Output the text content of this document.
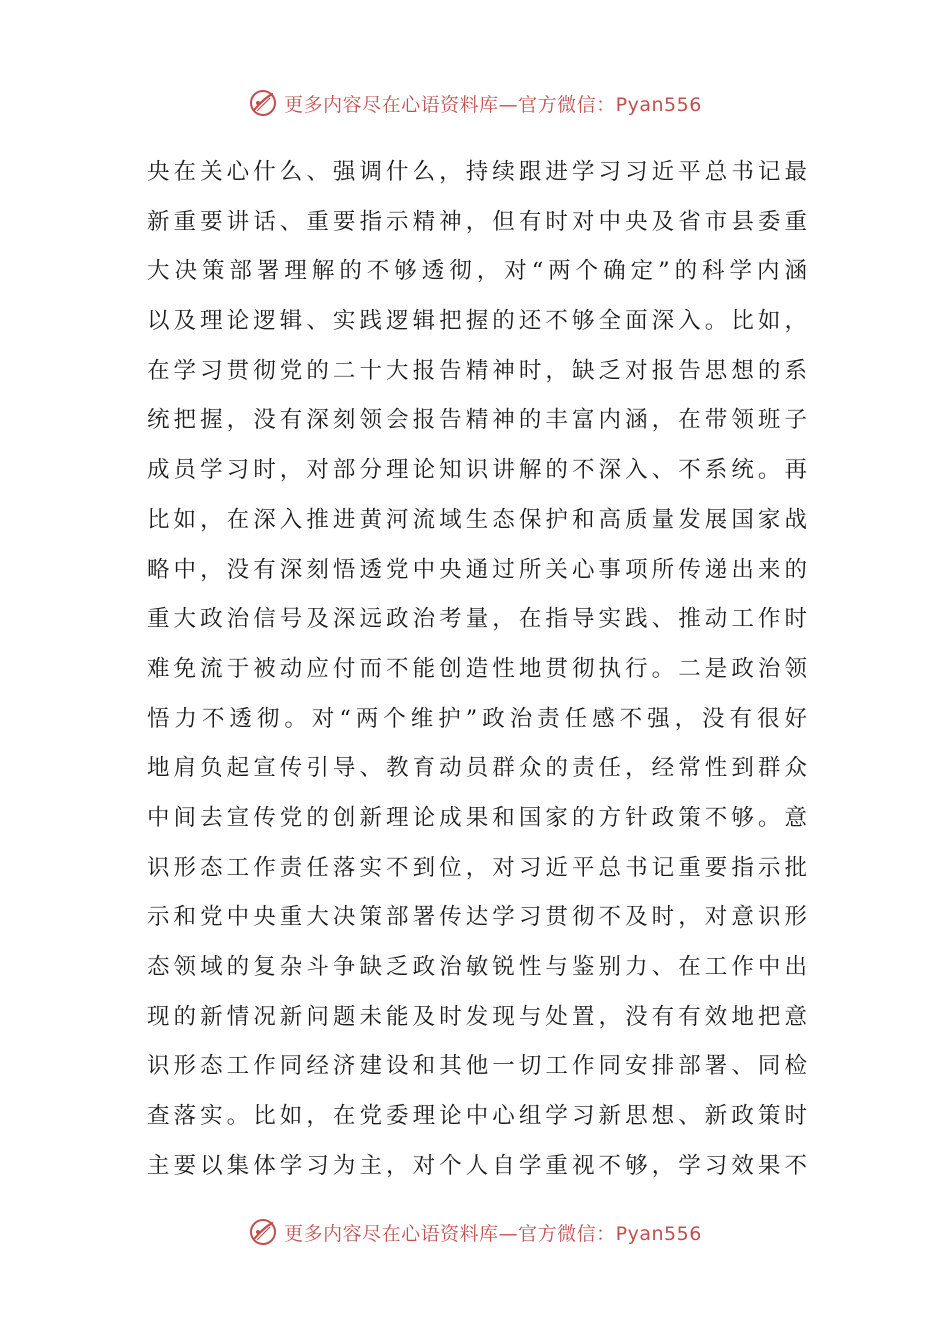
更多内容尽在心语资料库—官方微信：Pyan556
央在关心什么、强调什么，持续跟进学习习近平总书记最
新重要讲话、重要指示精神，但有时对中央及省市县委重
大决策部署理解的不够透彻，对“两个确定”的科学内涵
以及理论逻辑、实践逻辑把握的还不够全面深入。比如，
在学习贯彻党的二十大报告精神时，缺乏对报告思想的系
统把握，没有深刻领会报告精神的丰富内涵，在带领班子
成员学习时，对部分理论知识讲解的不深入、不系统。再
比如，在深入推进黄河流域生态保护和高质量发展国家战
略中，没有深刻悟透党中央通过所关心事项所传递出来的
重大政治信号及深远政治考量，在指导实践、推动工作时
难免流于被动应付而不能创造性地贯彻执行。二是政治领
悟力不透彻。对“两个维护”政治责任感不强，没有很好
地肩负起宣传引导、教育动员群众的责任，经常性到群众
中间去宣传党的创新理论成果和国家的方针政策不够。意
识形态工作责任落实不到位，对习近平总书记重要指示批
示和党中央重大决策部署传达学习贯彻不及时，对意识形
态领域的复杂斗争缺乏政治敏锐性与鉴别力、在工作中出
现的新情况新问题未能及时发现与处置，没有有效地把意
识形态工作同经济建设和其他一切工作同安排部署、同检
查落实。比如，在党委理论中心组学习新思想、新政策时
主要以集体学习为主，对个人自学重视不够，学习效果不
更多内容尽在心语资料库—官方微信：Pyan556
